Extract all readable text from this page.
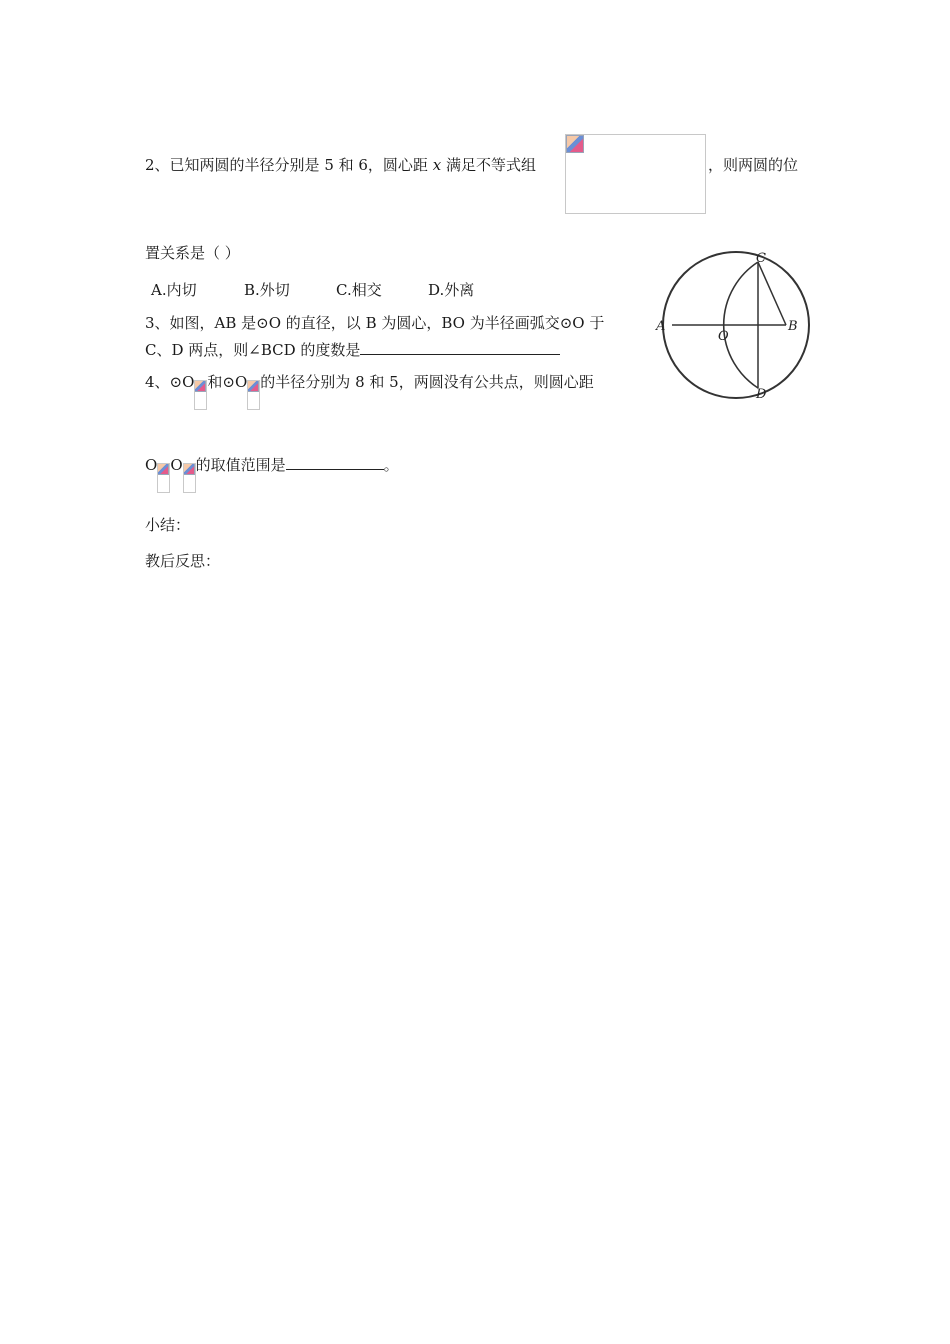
2、已知两圆的半径分别是 5 和 6，圆心距 x 满足不等式组	，则两圆的位
置关系是（ ）
A.内切	B.外切	C.相交	D.外离
3、如图，AB 是⊙O 的直径，以 B 为圆心，BO 为半径画弧交⊙O 于
C、D 两点，则∠BCD 的度数是
4、⊙O 和⊙O 的半径分别为 8 和 5，两圆没有公共点，则圆心距
O O 的取值范围是	。
小结：
教后反思：
A
O
B
C
D
